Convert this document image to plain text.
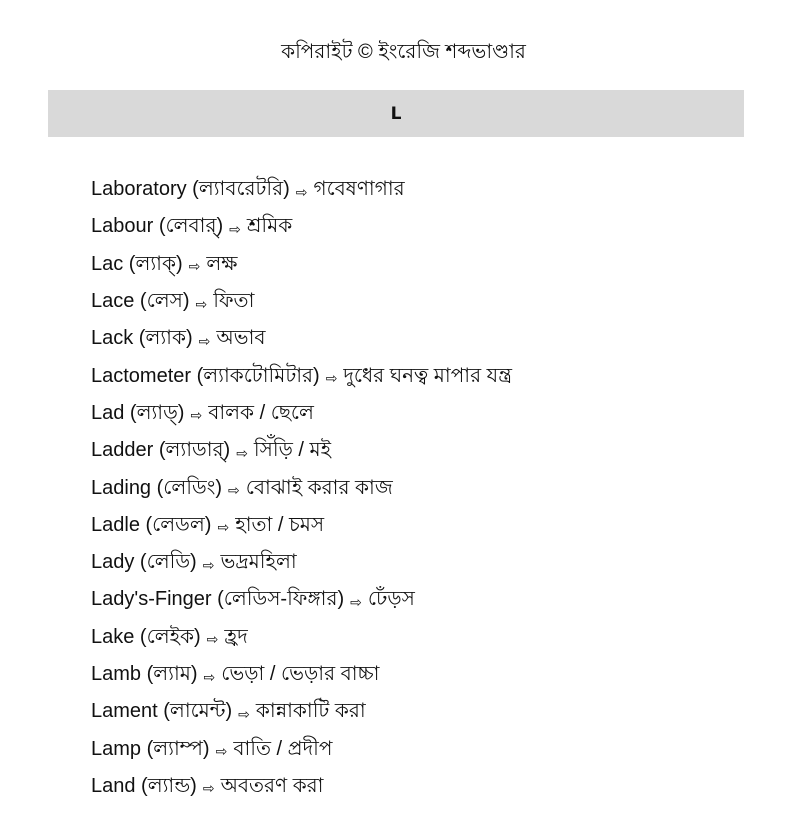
কপিরাইট © ইংরেজি শব্দভাণ্ডার
L
Laboratory (ল্যাবরেটরি) ⇨ গবেষণাগার
Labour (লেবার্) ⇨ শ্রমিক
Lac (ল্যাক্) ⇨ লক্ষ
Lace (লেস) ⇨ ফিতা
Lack (ল্যাক) ⇨ অভাব
Lactometer (ল্যাকটোমিটার) ⇨ দুধের ঘনত্ব মাপার যন্ত্র
Lad (ল্যাড্) ⇨ বালক / ছেলে
Ladder (ল্যাডার্) ⇨ সিঁড়ি / মই
Lading (লেডিং) ⇨ বোঝাই করার কাজ
Ladle (লেডল) ⇨ হাতা / চমস
Lady (লেডি) ⇨ ভদ্রমহিলা
Lady's-Finger (লেডিস-ফিঙ্গার) ⇨ ঢেঁড়স
Lake (লেইক) ⇨ হ্রদ
Lamb (ল্যাম) ⇨ ভেড়া / ভেড়ার বাচ্চা
Lament (লামেন্ট) ⇨ কান্নাকাটি করা
Lamp (ল্যাম্প) ⇨ বাতি / প্রদীপ
Land (ল্যান্ড) ⇨ অবতরণ করা
